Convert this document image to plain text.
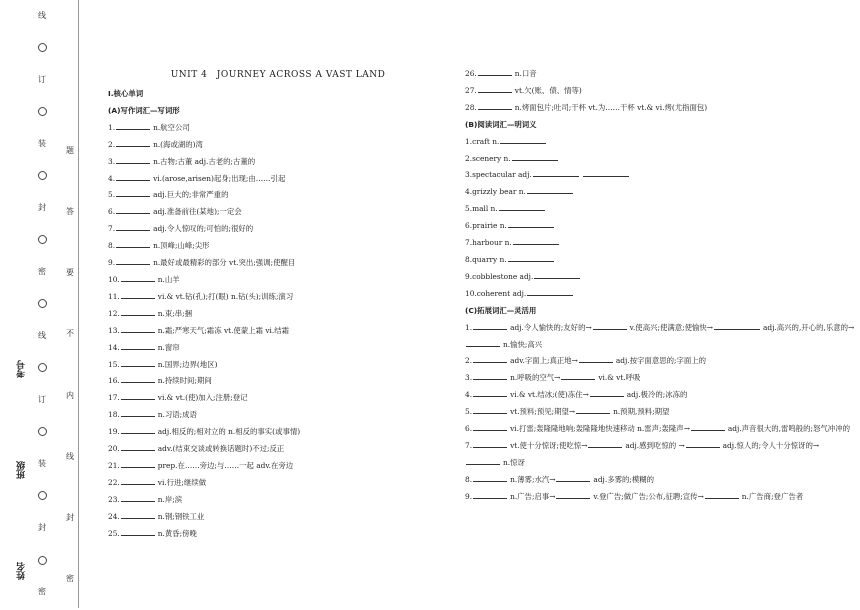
线
订
装
封
密
线
订
装
封
密
题
答
要
不
内
线
封
密
考号
班级
姓名
UNIT 4　JOURNEY ACROSS A VAST LAND
Ⅰ.核心单词
(A)写作词汇—写词形
1.	n.航空公司
2.	n.(海或湖的)湾
3.	n.古物;古董 adj.古老的;古董的
4.	vi.(arose,arisen)起身;出现;由……引起
5.	adj.巨大的;非常严重的
6.	adj.准备前往(某地);一定会
7.	adj.令人惊叹的;可怕的;很好的
8.	n.顶峰;山峰;尖形
9.	n.最好或最精彩的部分 vt.突出;强调;使醒目
10.	n.山羊
11.	vi.& vt.钻(孔);打(眼) n.钻(头);训练;演习
12.	n.束;串;捆
13.	n.霜;严寒天气;霜冻 vt.使蒙上霜 vi.结霜
14.	n.窗帘
15.	n.国界;边界(地区)
16.	n.持续时间;期间
17.	vi.& vt.(使)加入;注册;登记
18.	n.习语;成语
19.	adj.相反的;相对立的 n.相反的事实(或事情)
20.	adv.(结束交谈或转换话题时)不过;反正
21.	prep.在……旁边;与……一起 adv.在旁边
22.	vi.行进;继续做
23.	n.岸;滨
24.	n.钢;钢铁工业
25.	n.黄昏;傍晚
26.	n.口音
27.	vt.欠(账、债、情等)
28.	n.烤面包片;吐司;干杯 vt.为……干杯 vt.& vi.烤(尤指面包)
(B)阅读词汇—明词义
1.craft n.
2.scenery n.
3.spectacular adj.
4.grizzly bear n.
5.mall n.
6.prairie n.
7.harbour n.
8.quarry n.
9.cobblestone adj.
10.coherent adj.
(C)拓展词汇—灵活用
1.	adj.令人愉快的;友好的→	v.使高兴;使满意;使愉快→	adj.高兴的,开心的,乐意的→n.愉快;高兴
2.	adv.字面上;真正地→	adj.按字面意思的;字面上的
3.	n.呼吸的空气→	vi.& vt.呼吸
4.	vi.& vt.结冰;(使)冻住→	adj.极冷的;冰冻的
5.	vt.预料;预见;期望→	n.预期,预料;期望
6.	vi.打雷;轰隆隆地响;轰隆隆地快速移动 n.雷声;轰隆声→	adj.声音很大的,雷鸣般的;怒气冲冲的
7.	vt.使十分惊讶;使吃惊→	adj.感到吃惊的 →	adj.惊人的;令人十分惊讶的→n.惊讶
8.	n.薄雾;水汽→	adj.多雾的;模糊的
9.	n.广告;启事→	v.登广告;做广告;公布,征聘;宣传→	n.广告商;登广告者
